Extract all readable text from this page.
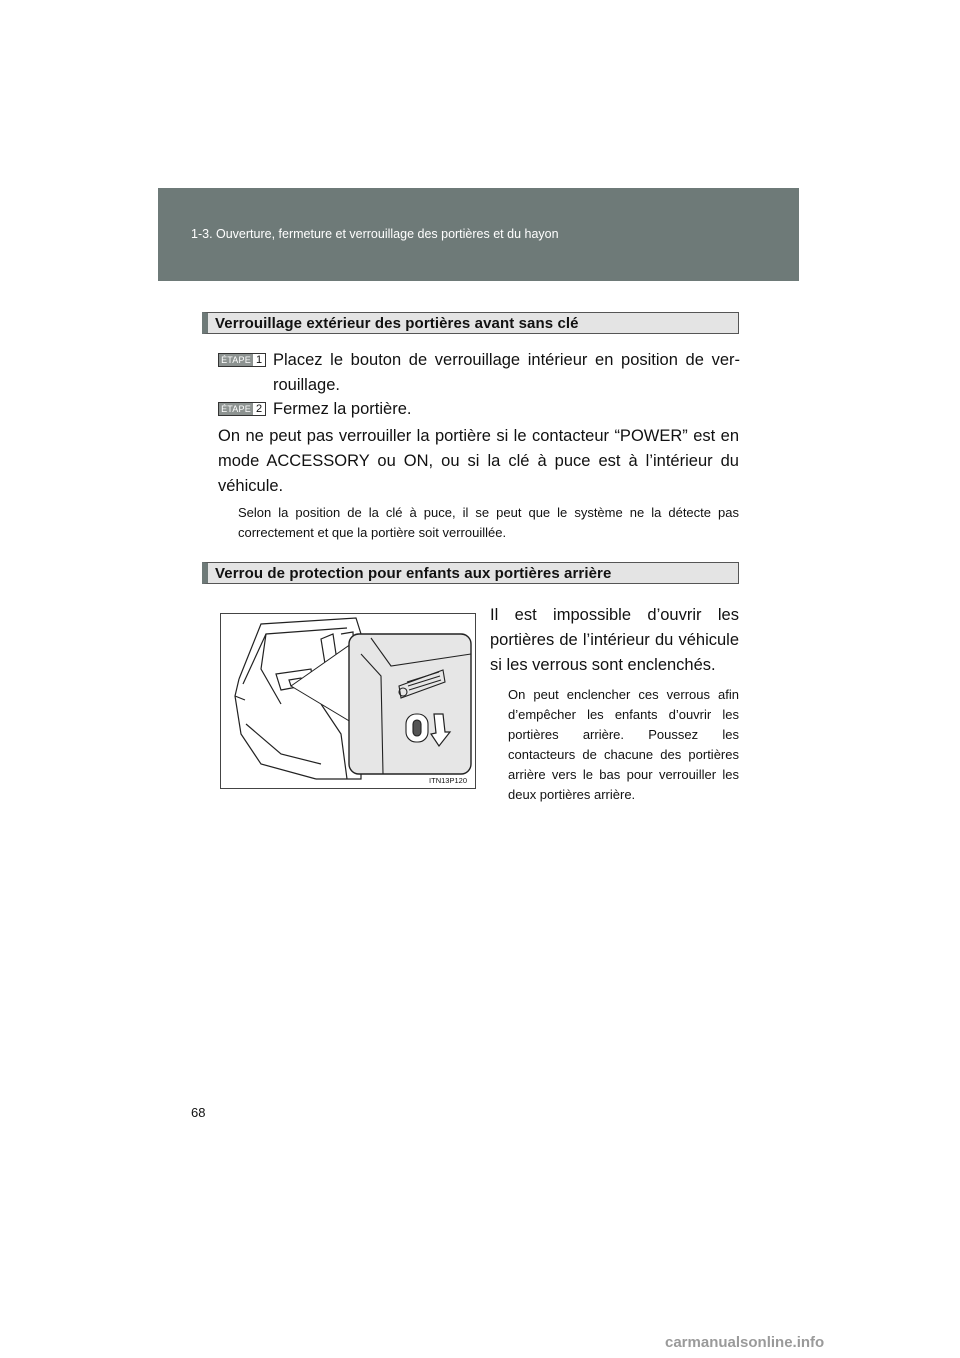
1-3. Ouverture, fermeture et verrouillage des portières et du hayon
Verrouillage extérieur des portières avant sans clé
ÉTAPE 1 Placez le bouton de verrouillage intérieur en position de ver-
rouillage.
ÉTAPE 2 Fermez la portière.
On ne peut pas verrouiller la portière si le contacteur “POWER” est en mode ACCESSORY ou ON, ou si la clé à puce est à l’intérieur du véhicule.
Selon la position de la clé à puce, il se peut que le système ne la détecte pas correctement et que la portière soit verrouillée.
Verrou de protection pour enfants aux portières arrière
ITN13P120
Il est impossible d’ouvrir les portières de l’intérieur du véhicule si les verrous sont enclenchés.
On peut enclencher ces verrous afin d’empêcher les enfants d’ouvrir les portières arrière. Poussez les contacteurs de chacune des portières arrière vers le bas pour verrouiller les deux portières arrière.
68
carmanualsonline.info
